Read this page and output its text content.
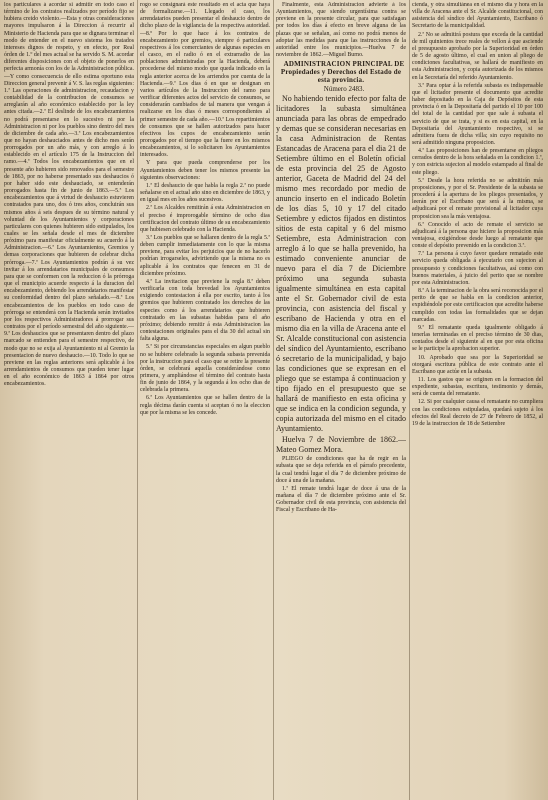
los particulares á acordar si admitir en todo caso el término de los contratos realizados por período fijo se hubiera creido violento.—Esta y otras consideraciones mayores impulsaron á la Direccion á recurrir al Ministerio de Hacienda para que se dignara terminar el modo de entender en el nuevo sistema los tratados intereses dignos de respeto, y en efecto, por Real órden de 1.º del mes actual se ha servido S. M. acordar diferentes disposiciones con el objeto de ponerlos en perfecta armonía con los de la Administracion pública.—Y como consecuencia de ello estima oportuno esta Direccion general prevenir á V. S. las reglas siguientes: 1.ª Las operaciones de administracion, recaudacion y contabilidad de la contribucion de consumos se arreglarán al año económico establecido por la ley antes citada.—2.ª El deslinde de los encabezamientos no podrá presentarse en lo sucesivo ni por la Administracion ni por los pueblos sino dentro del mes de diciembre de cada año.—3.ª Los encabezamientos que no hayan deshauciados antes de dicho mes serán prorrogados por un año más, y con arreglo á lo establecido en el artículo 175 de la Instruccion del ramo.—4.ª Todos los encabezamientos que en el presente año hubieren sido renovados para el semestre de 1863, por no haberse presentado sus deshaucios ó por haber sido este deshauciado, se entenderán prorogados hasta fin de junio de 1863.—5.ª Los encabezamientos que á virtud de deshaucio estuvieren contratados para uno, dos ó tres años, concluirán sus mismos años á seis despues de su término natural y voluntad de los Ayuntamientos y corporaciones particulares con quienes hubieren sido estipulados, los cuales se les señala desde el mes de diciembre próximo para manifestar oficialmente su acuerdo á la Administracion.—6.ª Los Ayuntamientos, Gremios y demas corporaciones que hubieren de celebrar dicha prórroga.—7.ª Los Ayuntamientos podrán á su vez invitar á los arrendatarios municipales de consumos para que se conformen con la reduccion ó la prórroga que el municipio acuerde respecto á la duracion del encabezamiento, debiendo los arrendatarios manifestar su conformidad dentro del plazo señalado.—8.ª Los encabezamientos de los pueblos en todo caso de prórroga se entenderá con la Hacienda serán invitados por los respectivos Administradores á prorrogar sus contratos por el período semestral del año siguiente.—9.ª Los deshaucios que se presentaren dentro del plazo marcado se entienden para el semestre respectivo, de modo que no se exija al Ayuntamiento ni al Gremio la presentacion de nuevo deshaucio.—10. Todo lo que se previene en las reglas anteriores será aplicable á los arrendamientos de consumos que pueden tener lugar en el año económico de 1863 á 1864 por otros encabezamientos.

rogo se consignará este resultado en el acta que haya de formalizarse.—11. Llegado el caso, los arrendatarios pueden presentar el deshaucio dentro de dicho plazo de la vigilancia de la respectiva autoridad.—8.º Por lo que hace á los contratos de encabezamiento por gremios, siempre ó particulares respectivos á los comerciantes de algunas especies en el casco, en el radio ó en el extrarradio de las poblaciones administradas por la Hacienda, deberá procederse del mismo modo que queda indicado en la regla anterior acerca de los arriendos por cuenta de la Hacienda.—9.ª Los dias ó en que se designan en varios artículos de la Instruccion del ramo para verificar diferentes actos del servicio de consumos, se considerarán cambiados de tal manera que vengan á realizarse en los dias ó meses correspondientes al primer semestre de cada año.—10.ª Los repartimientos de consumos que se hallen autorizados para hacer efectivos los cupos de encabezamiento serán prorogados por el tiempo que la fuere en los mismos encabezamientos, si lo solicitaren los Ayuntamientos interesados.

Y para que pueda comprenderse por los Ayuntamientos deben tener los mismos presente las siguientes observaciones:

1.ª El deshaucio de que habla la regla 2.ª no puede señalarse en el actual año sino en diciembre de 1863, y en igual mes en los años sucesivos.

2.ª Los Alcaldes remitirán á esta Administracion en el preciso é improrogable término de ocho dias certificacion del contrato último de su encabezamiento que hubiesen celebrado con la Hacienda.

3.ª Los pueblos que se hallaren dentro de la regla 5.ª deben cumplir inmediatamente con lo que la misma previene, para evitar los perjuicios que de no hacerlo podrían irrogarseles, advirtiendo que la misma no es aplicable á los contratos que fenecen en 31 de diciembre próximo.

4.ª La invitacion que previene la regla 8.ª deben verificarla con toda brevedad los Ayuntamientos exigiendo contestacion á ella por escrito, tanto á los gremios que hubieren contratado los derechos de las especies como á los arrendatarios que hubieren contratado en las subastas habidas para el año próximo; debiendo remitir á esta Administracion las contestaciones originales para el dia 30 del actual sin falta alguna.

5.ª Si por circunstancias especiales en algun pueblo no se hubiere celebrado la segunda subasta prevenida por la instruccion para el caso que se retire la presente órden, se celebrará aquella considerándose como primera, y ampliándose el término del contrato hasta fin de junio de 1864, y la segunda á los ocho dias de celebrada la primera.

6.ª Los Ayuntamientos que se hallen dentro de la regla décima darán cuenta si aceptan ó no la eleccion que por la misma se les concede.

Finalmente, esta Administracion advierte á los Ayuntamientos, que siendo urgentísima contra se previene en la presente circular, para que satisfagan por todos los días á efecto en breve alguna de las plazas que se señalan, así como no podrá menos de adoptar las medidas para que las instrucciones de la autoridad entre los municipios.—Huelva 7 de noviembre de 1862.—Miguel Burno.

ADMINISTRACION PRINCIPAL DE Propiedades y Derechos del Estado de esta provincia.

Número 2483.

No habiendo tenido efecto por falta de licitadores la subasta simultánea anunciada para las obras de empedrado y demas que se consideran necesarias en la casa Administracion de Rentas Estancadas de Aracena para el dia 21 de Setiembre último en el Boletín oficial de esta provincia del 25 de Agosto anterior, Gaceta de Madrid del 24 del mismo mes recordado por medio de anuncio inserto en el indicado Boletín de los días 5, 10 y 17 del citado Setiembre y edictos fijados en distintos sitios de esta capital y 6 del mismo Setiembre, esta Administracion con arreglo á lo que se halla prevenido, ha estimado conveniente anunciar de nuevo para el día 7 de Diciembre próximo una segunda subasta igualmente simultánea en esta capital ante el Sr. Gobernador civil de esta provincia, con asistencia del fiscal y escribano de Hacienda y otra en el mismo dia en la villa de Aracena ante el Sr. Alcalde constitucional con asistencia del síndico del Ayuntamiento, escribano ó secretario de la municipalidad, y bajo las condiciones que se expresan en el pliego que se estampa á continuacion y tipo fijado en el presupuesto que se hallará de manifiesto en esta oficina y que se indica en la condicion segunda, y copia autorizada del mismo en el citado Ayuntamiento.

Huelva 7 de Noviembre de 1862.—Mateo Gomez Mora.

PLIEGO de condiciones que ha de regir en la subasta que se deja referida en el párrafo precedente, la cual tendrá lugar el día 7 de diciembre próximo de doce á una de la mañana.

1.ª El remate tendrá lugar de doce á una de la mañana el día 7 de diciembre próximo ante el Sr. Gobernador civil de esta provincia, con asistencia del Fiscal y Escribano de Ha-

cienda, y otra simultánea en el mismo dia y hora en la villa de Aracena ante el Sr. Alcalde constitucional, con asistencia del síndico del Ayuntamiento, Escribano ó Secretario de la municipalidad.

2.ª No se admitirá postura que exceda de la cantidad de mil quinientos trece reales de vellon á que asciende el presupuesto aprobado por la Superioridad en órden de 5 de agosto último, el cual en union al pliego de condiciones facultativas, se hallará de manifiesto en esta Administracion, y copia autorizada de los mismos en la Secretaría del referido Ayuntamiento.

3.ª Para optar á la referida subasta es indispensable que el licitador presente el documento que acredite haber depositado en la Caja de Depósitos de esta provincia ó en la Depositaría del partido el 10 por 100 del total de la cantidad por que sale á subasta el servicio de que se trata, y si es en esta capital, en la Depositaría del Ayuntamiento respectivo, si se admitiera fuera de dicha villa; sin cuyo requisito no será admitido ninguna proposicion.

4.ª Las proposiciones han de presentarse en pliegos cerrados dentro de la hora señalada en la condicion 1.ª, y con estricta sujecion al modelo estampado al final de este pliego.

5.ª Desde la hora referida no se admitirán más proposiciones, y por el Sr. Presidente de la subasta se procederá á la apertura de los pliegos presentados, y leerán por el Escribano que será á la misma, se adjudicará por el remate provisional al licitador cuya proposicion sea la más ventajosa.

6.ª Conocido el acto de remate el servicio se adjudicará á la persona que hiciere la proposicion más ventajosa, exigiéndose desde luego al rematante que conste el depósito prevenido en la condicion 3.ª.

7.ª La persona á cuyo favor quedare rematado este servicio queda obligada á ejecutarlo con sujecion al presupuesto y condiciones facultativas, así como con buenos materiales, á juicio del perito que se nombre por esta Administracion.

8.ª A la terminacion de la obra será reconocida por el perito de que se habla en la condicion anterior, expidiéndole por este certificacion que acredite haberse cumplido con todas las formalidades que se dejan marcadas.

9.ª El rematante queda igualmente obligado á tenerlas terminadas en el preciso término de 30 dias, contados desde el siguiente al en que por esta oficina se le participe la aprobacion superior.

10. Aprobado que sea por la Superioridad se otorgará escritura pública de este contrato ante el Escribano que actúe en la subasta.

11. Los gastos que se originen en la formacion del expediente, subastas, escritura, testimonio y demás, será de cuenta del rematante.

12. Si por cualquier causa el rematante no cumpliera con las condiciones estipuladas, quedará sujeto á los efectos del Real decreto de 27 de Febrero de 1852, al 19 de la instruccion de 18 de Setiembre
